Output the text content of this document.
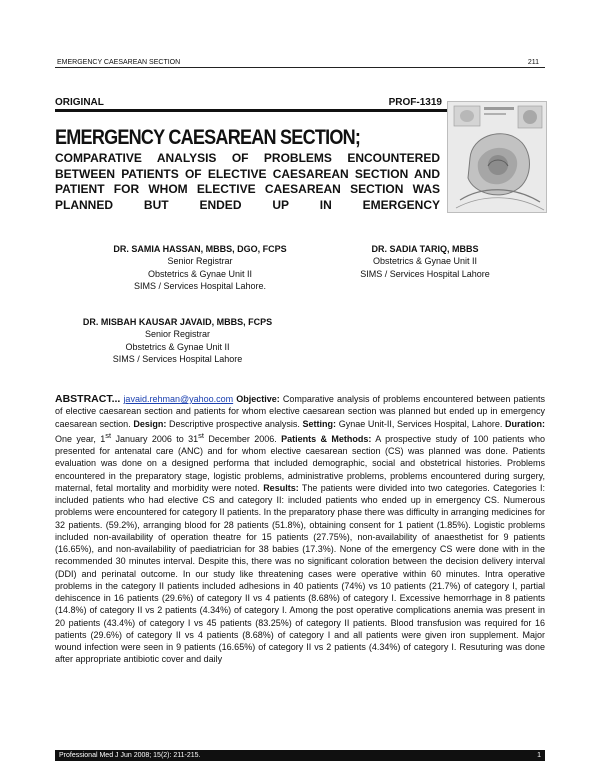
EMERGENCY CAESAREAN SECTION	211
ORIGINAL	PROF-1319
EMERGENCY CAESAREAN SECTION;
COMPARATIVE ANALYSIS OF PROBLEMS ENCOUNTERED BETWEEN PATIENTS OF ELECTIVE CAESAREAN SECTION AND PATIENT FOR WHOM ELECTIVE CAESAREAN SECTION WAS PLANNED BUT ENDED UP IN EMERGENCY
DR. SAMIA HASSAN, MBBS, DGO, FCPS
Senior Registrar
Obstetrics & Gynae Unit II
SIMS / Services Hospital Lahore.
DR. SADIA TARIQ, MBBS
Obstetrics & Gynae Unit II
SIMS / Services Hospital Lahore
DR. MISBAH KAUSAR JAVAID, MBBS, FCPS
Senior Registrar
Obstetrics & Gynae Unit II
SIMS / Services Hospital Lahore
ABSTRACT... javaid.rehman@yahoo.com Objective: Comparative analysis of problems encountered between patients of elective caesarean section and patients for whom elective caesarean section was planned but ended up in emergency caesarean section. Design: Descriptive prospective analysis. Setting: Gynae Unit-II, Services Hospital, Lahore. Duration: One year, 1st January 2006 to 31st December 2006. Patients & Methods: A prospective study of 100 patients who presented for antenatal care (ANC) and for whom elective caesarean section (CS) was planned was done. Patients evaluation was done on a designed performa that included demographic, social and obstetrical histories. Problems encountered in the preparatory stage, logistic problems, administrative problems, problems encountered during surgery, maternal, fetal mortality and morbidity were noted. Results: The patients were divided into two categories. Categories I: included patients who had elective CS and category II: included patients who ended up in emergency CS. Numerous problems were encountered for category II patients. In the preparatory phase there was difficulty in arranging medicines for 32 patients. (59.2%), arranging blood for 28 patients (51.8%), obtaining consent for 1 patient (1.85%). Logistic problems included non-availability of operation theatre for 15 patients (27.75%), non-availability of anaesthetist for 9 patients (16.65%), and non-availability of paediatrician for 38 babies (17.3%). None of the emergency CS were done with in the recommended 30 minutes interval. Despite this, there was no significant coloration between the decision delivery interval (DDI) and perinatal outcome. In our study like threatening cases were operative within 60 minutes. Intra operative problems in the category II patients included adhesions in 40 patients (74%) vs 10 patients (21.7%) of category I, partial dehiscence in 16 patients (29.6%) of category II vs 4 patients (8.68%) of category I. Excessive hemorrhage in 8 patients (14.8%) of category II vs 2 patients (4.34%) of category I. Among the post operative complications anemia was present in 20 patients (43.4%) of category I vs 45 patients (83.25%) of category II patients. Blood transfusion was required for 16 patients (29.6%) of category II vs 4 patients (8.68%) of category I and all patients were given iron supplement. Major wound infection were seen in 9 patients (16.65%) of category II vs 2 patients (4.34%) of category I. Resuturing was done after appropriate antibiotic cover and daily
Professional Med J Jun 2008; 15(2): 211-215.	1
